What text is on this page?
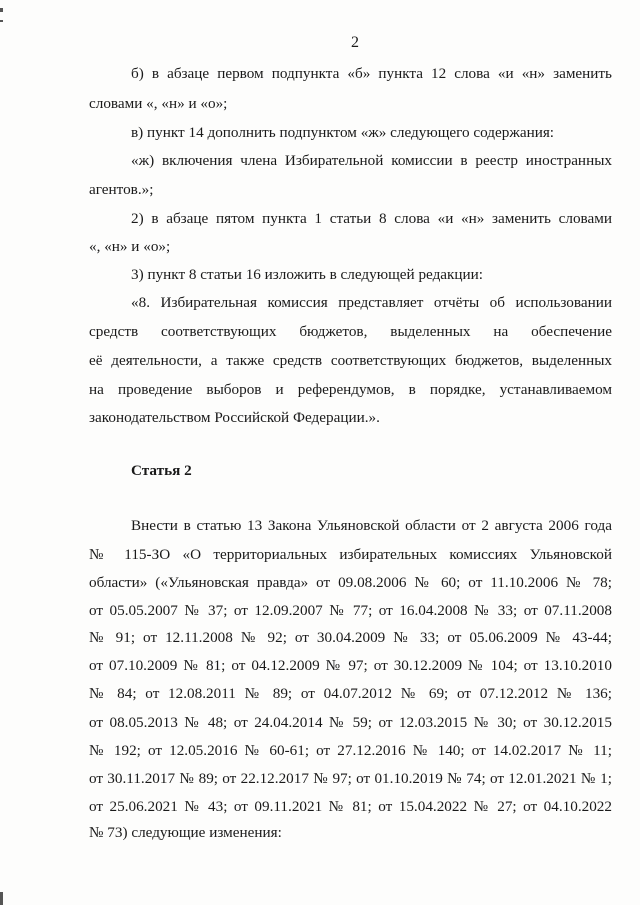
2
б) в абзаце первом подпункта «б» пункта 12 слова «и «н» заменить
словами «, «н» и «о»;
в) пункт 14 дополнить подпунктом «ж» следующего содержания:
«ж) включения члена Избирательной комиссии в реестр иностранных
агентов.»;
2) в абзаце пятом пункта 1 статьи 8 слова «и «н» заменить словами
«, «н» и «о»;
3) пункт 8 статьи 16 изложить в следующей редакции:
«8. Избирательная комиссия представляет отчёты об использовании
средств соответствующих бюджетов, выделенных на обеспечение
её деятельности, а также средств соответствующих бюджетов, выделенных
на проведение выборов и референдумов, в порядке, устанавливаемом
законодательством Российской Федерации.».
Статья 2
Внести в статью 13 Закона Ульяновской области от 2 августа 2006 года
№ 115-ЗО «О территориальных избирательных комиссиях Ульяновской
области» («Ульяновская правда» от 09.08.2006 № 60; от 11.10.2006 № 78;
от 05.05.2007 № 37; от 12.09.2007 № 77; от 16.04.2008 № 33; от 07.11.2008
№ 91; от 12.11.2008 № 92; от 30.04.2009 № 33; от 05.06.2009 № 43-44;
от 07.10.2009 № 81; от 04.12.2009 № 97; от 30.12.2009 № 104; от 13.10.2010
№ 84; от 12.08.2011 № 89; от 04.07.2012 № 69; от 07.12.2012 № 136;
от 08.05.2013 № 48; от 24.04.2014 № 59; от 12.03.2015 № 30; от 30.12.2015
№ 192; от 12.05.2016 № 60-61; от 27.12.2016 № 140; от 14.02.2017 № 11;
от 30.11.2017 № 89; от 22.12.2017 № 97; от 01.10.2019 № 74; от 12.01.2021 № 1;
от 25.06.2021 № 43; от 09.11.2021 № 81; от 15.04.2022 № 27; от 04.10.2022
№ 73) следующие изменения:
